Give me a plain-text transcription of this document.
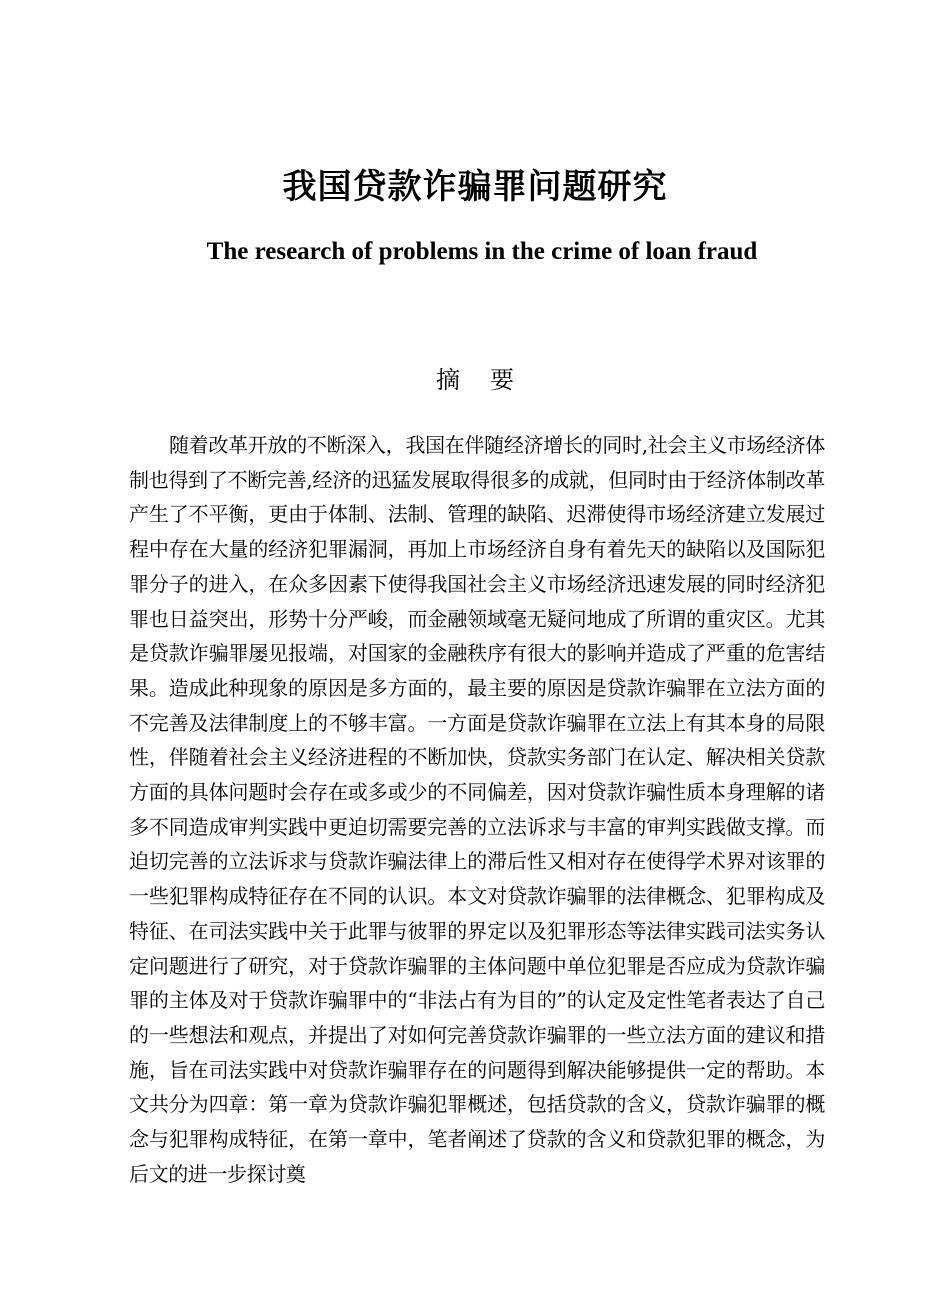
我国贷款诈骗罪问题研究
The research of problems in the crime of loan fraud
摘 要

随着改革开放的不断深入，我国在伴随经济增长的同时,社会主义市场经济体制也得到了不断完善,经济的迅猛发展取得很多的成就，但同时由于经济体制改革产生了不平衡，更由于体制、法制、管理的缺陷、迟滞使得市场经济建立发展过程中存在大量的经济犯罪漏洞，再加上市场经济自身有着先天的缺陷以及国际犯罪分子的进入，在众多因素下使得我国社会主义市场经济迅速发展的同时经济犯罪也日益突出，形势十分严峻，而金融领域毫无疑问地成了所谓的重灾区。尤其是贷款诈骗罪屡见报端，对国家的金融秩序有很大的影响并造成了严重的危害结果。造成此种现象的原因是多方面的，最主要的原因是贷款诈骗罪在立法方面的不完善及法律制度上的不够丰富。一方面是贷款诈骗罪在立法上有其本身的局限性，伴随着社会主义经济进程的不断加快，贷款实务部门在认定、解决相关贷款方面的具体问题时会存在或多或少的不同偏差，因对贷款诈骗性质本身理解的诸多不同造成审判实践中更迫切需要完善的立法诉求与丰富的审判实践做支撑。而迫切完善的立法诉求与贷款诈骗法律上的滞后性又相对存在使得学术界对该罪的一些犯罪构成特征存在不同的认识。本文对贷款诈骗罪的法律概念、犯罪构成及特征、在司法实践中关于此罪与彼罪的界定以及犯罪形态等法律实践司法实务认定问题进行了研究，对于贷款诈骗罪的主体问题中单位犯罪是否应成为贷款诈骗罪的主体及对于贷款诈骗罪中的“非法占有为目的”的认定及定性笔者表达了自己的一些想法和观点，并提出了对如何完善贷款诈骗罪的一些立法方面的建议和措施，旨在司法实践中对贷款诈骗罪存在的问题得到解决能够提供一定的帮助。本文共分为四章：第一章为贷款诈骗犯罪概述，包括贷款的含义，贷款诈骗罪的概念与犯罪构成特征，在第一章中，笔者阐述了贷款的含义和贷款犯罪的概念，为后文的进一步探讨奠
